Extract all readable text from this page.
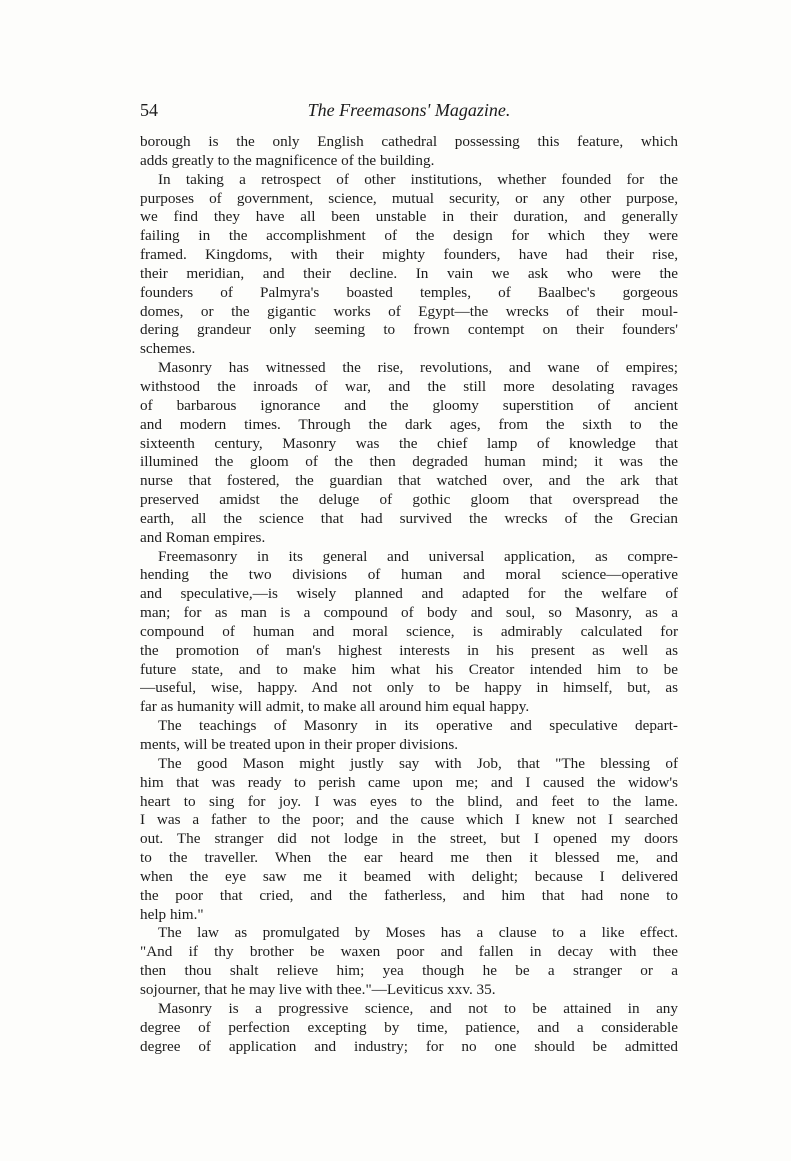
54	The Freemasons' Magazine.
borough is the only English cathedral possessing this feature, which
adds greatly to the magnificence of the building.
In taking a retrospect of other institutions, whether founded for the
purposes of government, science, mutual security, or any other purpose,
we find they have all been unstable in their duration, and generally
failing in the accomplishment of the design for which they were
framed. Kingdoms, with their mighty founders, have had their rise,
their meridian, and their decline. In vain we ask who were the
founders of Palmyra's boasted temples, of Baalbec's gorgeous
domes, or the gigantic works of Egypt—the wrecks of their moul-
dering grandeur only seeming to frown contempt on their founders'
schemes.
Masonry has witnessed the rise, revolutions, and wane of empires;
withstood the inroads of war, and the still more desolating ravages
of barbarous ignorance and the gloomy superstition of ancient
and modern times. Through the dark ages, from the sixth to the
sixteenth century, Masonry was the chief lamp of knowledge that
illumined the gloom of the then degraded human mind; it was the
nurse that fostered, the guardian that watched over, and the ark that
preserved amidst the deluge of gothic gloom that overspread the
earth, all the science that had survived the wrecks of the Grecian
and Roman empires.
Freemasonry in its general and universal application, as compre-
hending the two divisions of human and moral science—operative
and speculative,—is wisely planned and adapted for the welfare of
man; for as man is a compound of body and soul, so Masonry, as a
compound of human and moral science, is admirably calculated for
the promotion of man's highest interests in his present as well as
future state, and to make him what his Creator intended him to be
—useful, wise, happy. And not only to be happy in himself, but, as
far as humanity will admit, to make all around him equal happy.
The teachings of Masonry in its operative and speculative depart-
ments, will be treated upon in their proper divisions.
The good Mason might justly say with Job, that "The blessing of
him that was ready to perish came upon me; and I caused the widow's
heart to sing for joy. I was eyes to the blind, and feet to the lame.
I was a father to the poor; and the cause which I knew not I searched
out. The stranger did not lodge in the street, but I opened my doors
to the traveller. When the ear heard me then it blessed me, and
when the eye saw me it beamed with delight; because I delivered
the poor that cried, and the fatherless, and him that had none to
help him."
The law as promulgated by Moses has a clause to a like effect.
"And if thy brother be waxen poor and fallen in decay with thee
then thou shalt relieve him; yea though he be a stranger or a
sojourner, that he may live with thee."—Leviticus xxv. 35.
Masonry is a progressive science, and not to be attained in any
degree of perfection excepting by time, patience, and a considerable
degree of application and industry; for no one should be admitted
